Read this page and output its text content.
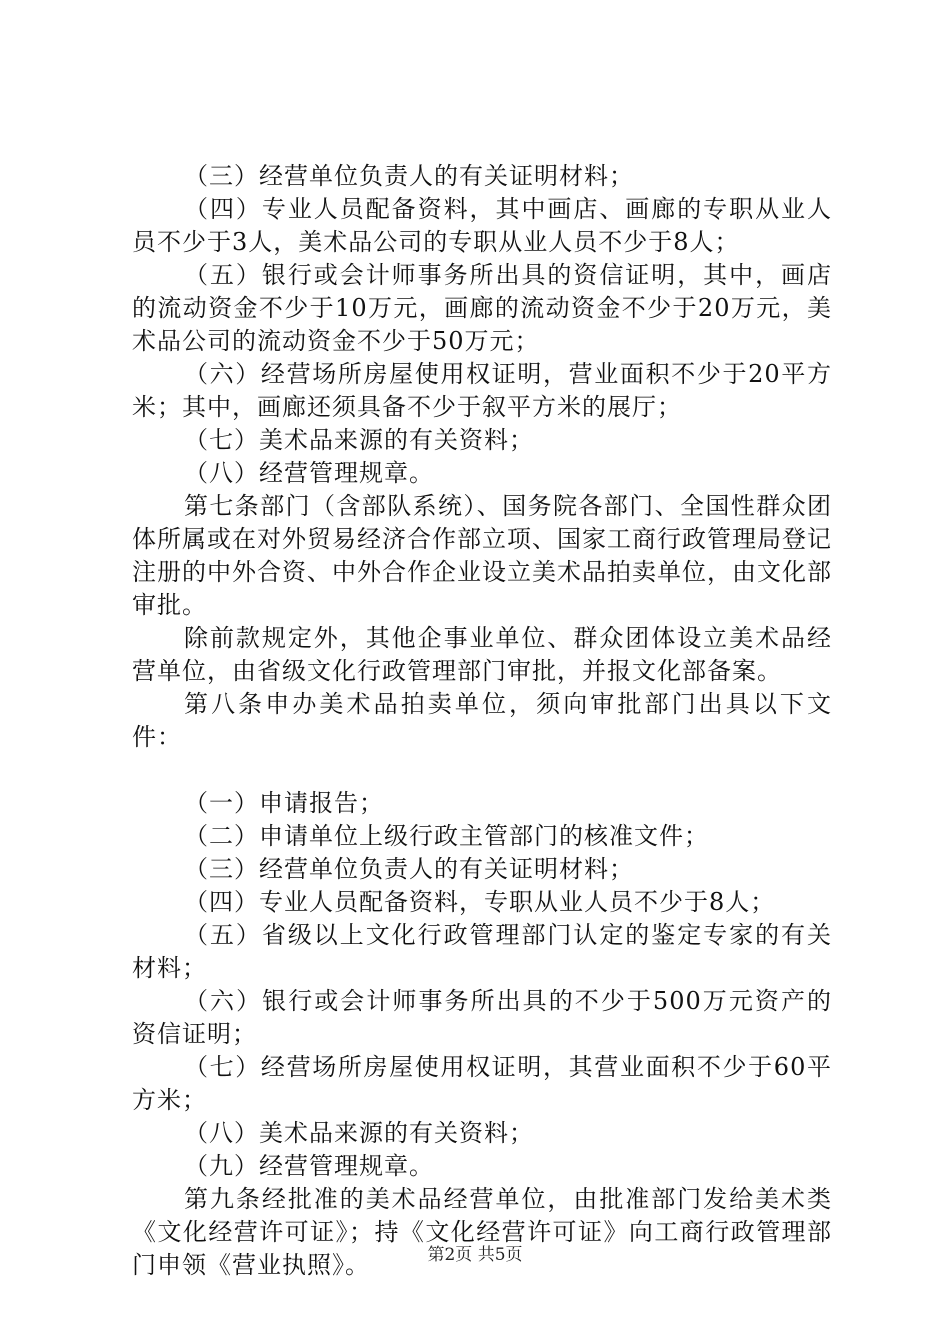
（三）经营单位负责人的有关证明材料；

（四）专业人员配备资料，其中画店、画廊的专职从业人员不少于3人，美术品公司的专职从业人员不少于8人；

（五）银行或会计师事务所出具的资信证明，其中，画店的流动资金不少于10万元，画廊的流动资金不少于20万元，美术品公司的流动资金不少于50万元；

（六）经营场所房屋使用权证明，营业面积不少于20平方米；其中，画廊还须具备不少于叙平方米的展厅；

（七）美术品来源的有关资料；

（八）经营管理规章。

第七条部门（含部队系统）、国务院各部门、全国性群众团体所属或在对外贸易经济合作部立项、国家工商行政管理局登记注册的中外合资、中外合作企业设立美术品拍卖单位，由文化部审批。

除前款规定外，其他企事业单位、群众团体设立美术品经营单位，由省级文化行政管理部门审批，并报文化部备案。

第八条申办美术品拍卖单位，须向审批部门出具以下文件：

（一）申请报告；

（二）申请单位上级行政主管部门的核准文件；

（三）经营单位负责人的有关证明材料；

（四）专业人员配备资料，专职从业人员不少于8人；

（五）省级以上文化行政管理部门认定的鉴定专家的有关材料；

（六）银行或会计师事务所出具的不少于500万元资产的资信证明；

（七）经营场所房屋使用权证明，其营业面积不少于60平方米；

（八）美术品来源的有关资料；

（九）经营管理规章。

第九条经批准的美术品经营单位，由批准部门发给美术类《文化经营许可证》；持《文化经营许可证》向工商行政管理部门申领《营业执照》。	第2页 共5页
